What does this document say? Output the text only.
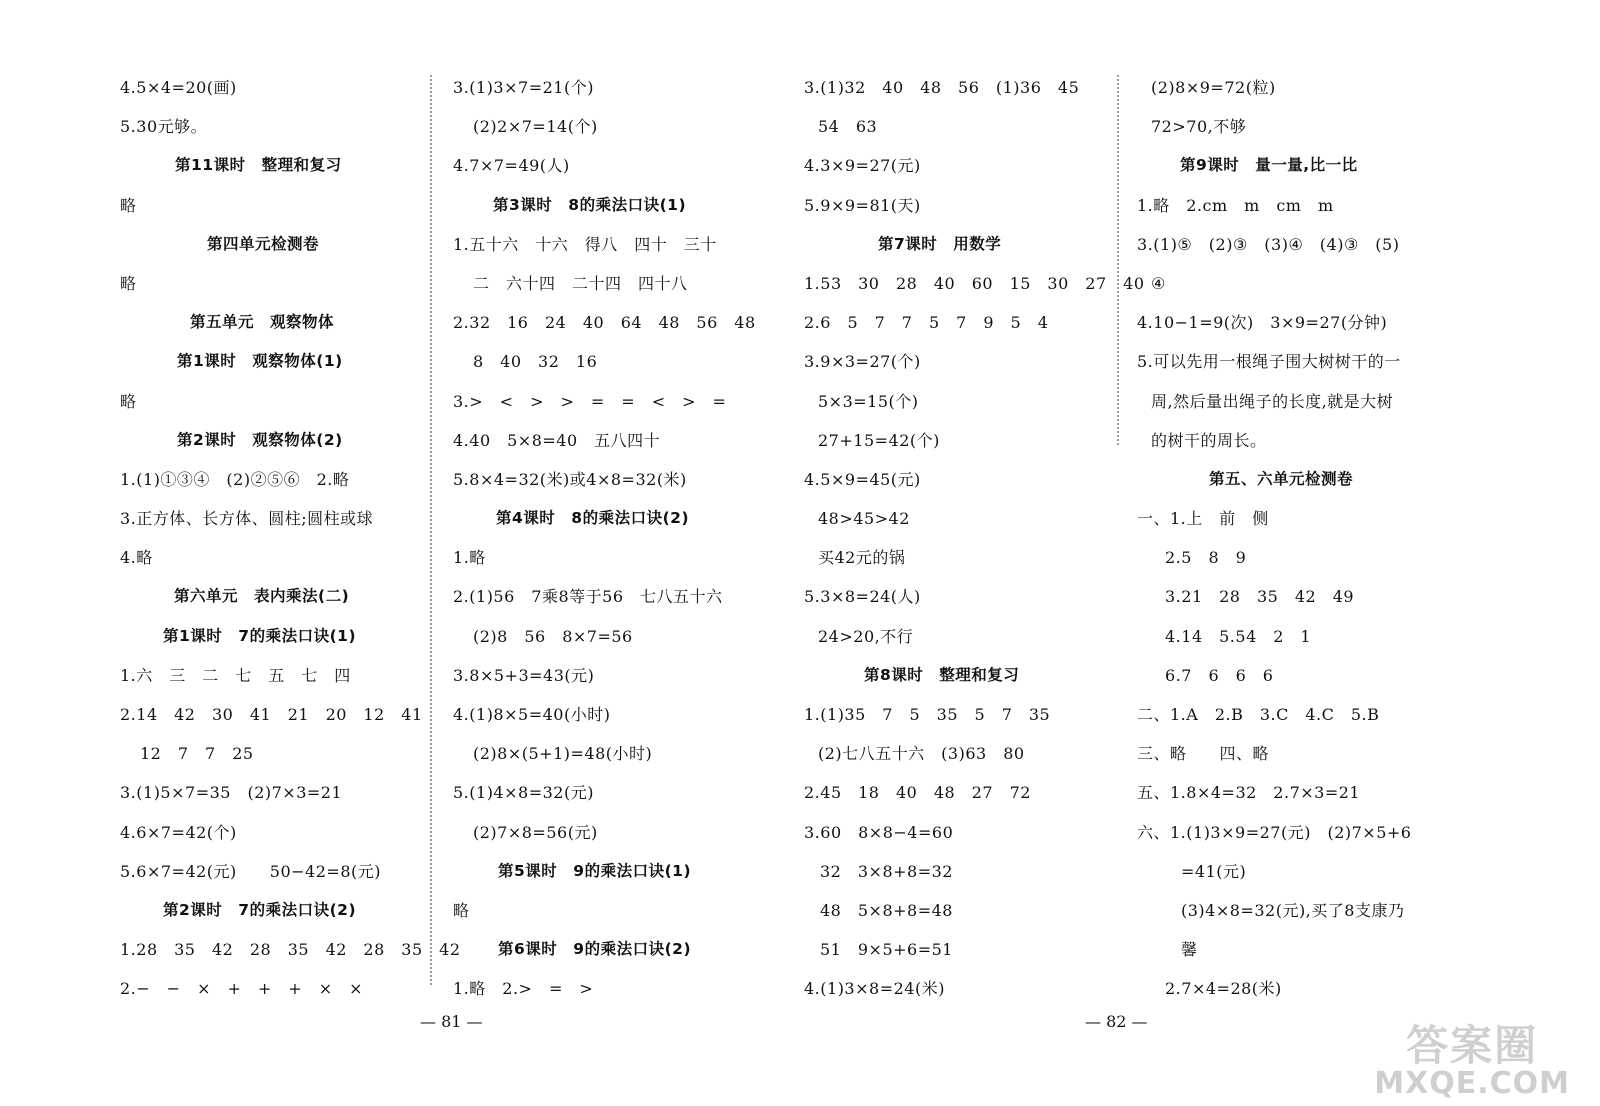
4.5×4=20(画)
5.30元够。
第11课时　整理和复习
略
第四单元检测卷
略
第五单元　观察物体
第1课时　观察物体(1)
略
第2课时　观察物体(2)
1.(1)①③④　(2)②⑤⑥　2.略
3.正方体、长方体、圆柱;圆柱或球
4.略
第六单元　表内乘法(二)
第1课时　7的乘法口诀(1)
1.六　三　二　七　五　七　四
2.14　42　30　41　21　20　12　41
12　7　7　25
3.(1)5×7=35　(2)7×3=21
4.6×7=42(个)
5.6×7=42(元)　　50−42=8(元)
第2课时　7的乘法口诀(2)
1.28　35　42　28　35　42　28　35　42
2.−　−　×　+　+　+　×　×
3.(1)3×7=21(个)
(2)2×7=14(个)
4.7×7=49(人)
第3课时　8的乘法口诀(1)
1.五十六　十六　得八　四十　三十
二　六十四　二十四　四十八
2.32　16　24　40　64　48　56　48
8　40　32　16
3.>　<　>　>　=　=　<　>　=
4.40　5×8=40　五八四十
5.8×4=32(米)或4×8=32(米)
第4课时　8的乘法口诀(2)
1.略
2.(1)56　7乘8等于56　七八五十六
(2)8　56　8×7=56
3.8×5+3=43(元)
4.(1)8×5=40(小时)
(2)8×(5+1)=48(小时)
5.(1)4×8=32(元)
(2)7×8=56(元)
第5课时　9的乘法口诀(1)
略
第6课时　9的乘法口诀(2)
1.略　2.>　=　>
3.(1)32　40　48　56　(1)36　45
54　63
4.3×9=27(元)
5.9×9=81(天)
第7课时　用数学
1.53　30　28　40　60　15　30　27　40
2.6　5　7　7　5　7　9　5　4
3.9×3=27(个)
5×3=15(个)
27+15=42(个)
4.5×9=45(元)
48>45>42
买42元的锅
5.3×8=24(人)
24>20,不行
第8课时　整理和复习
1.(1)35　7　5　35　5　7　35
(2)七八五十六　(3)63　80
2.45　18　40　48　27　72
3.60　8×8−4=60
32　3×8+8=32
48　5×8+8=48
51　9×5+6=51
4.(1)3×8=24(米)
(2)8×9=72(粒)
72>70,不够
第9课时　量一量,比一比
1.略　2.cm　m　cm　m
3.(1)⑤　(2)③　(3)④　(4)③　(5)
④
4.10−1=9(次)　3×9=27(分钟)
5.可以先用一根绳子围大树树干的一
周,然后量出绳子的长度,就是大树
的树干的周长。
第五、六单元检测卷
一、1.上　前　侧
2.5　8　9
3.21　28　35　42　49
4.14　5.54　2　1
6.7　6　6　6
二、1.A　2.B　3.C　4.C　5.B
三、略　　四、略
五、1.8×4=32　2.7×3=21
六、1.(1)3×9=27(元)　(2)7×5+6
=41(元)
(3)4×8=32(元),买了8支康乃
馨
2.7×4=28(米)
— 81 —	— 82 —	答案圈
MXQE.COM
